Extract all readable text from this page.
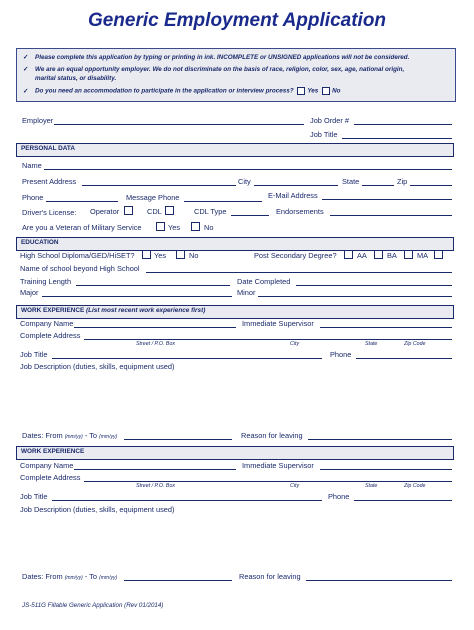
Generic Employment Application
✓ Please complete this application by typing or printing in ink. INCOMPLETE or UNSIGNED applications will not be considered.
✓ We are an equal opportunity employer. We do not discriminate on the basis of race, religion, color, sex, age, national origin,
marital status, or disability.
✓ Do you need an accommodation to participate in the application or interview process? Yes No
Employer	Job Order #
Job Title
PERSONAL DATA
Name
Present Address	City	State	Zip
Phone	Message Phone	E-Mail Address
Driver's License: Operator	CDL	CDL Type	Endorsements
Are you a Veteran of Military Service	Yes	No
EDUCATION
High School Diploma/GED/HiSET?	Yes	No	Post Secondary Degree?	AA	BA	MA
Name of school beyond High School
Training Length	Date Completed
Major	Minor
WORK EXPERIENCE (List most recent work experience first)
Company Name	Immediate Supervisor
Complete Address
Street / P.O. Box	City	State	Zip Code
Job Title	Phone
Job Description (duties, skills, equipment used)
Dates: From (mm/yy) - To (mm/yy)	Reason for leaving
WORK EXPERIENCE
Company Name	Immediate Supervisor
Complete Address
Street / P.O. Box	City	State	Zip Code
Job Title	Phone
Job Description (duties, skills, equipment used)
Dates: From (mm/yy) - To (mm/yy)	Reason for leaving
JS-511G Fillable Generic Application (Rev 01/2014)
